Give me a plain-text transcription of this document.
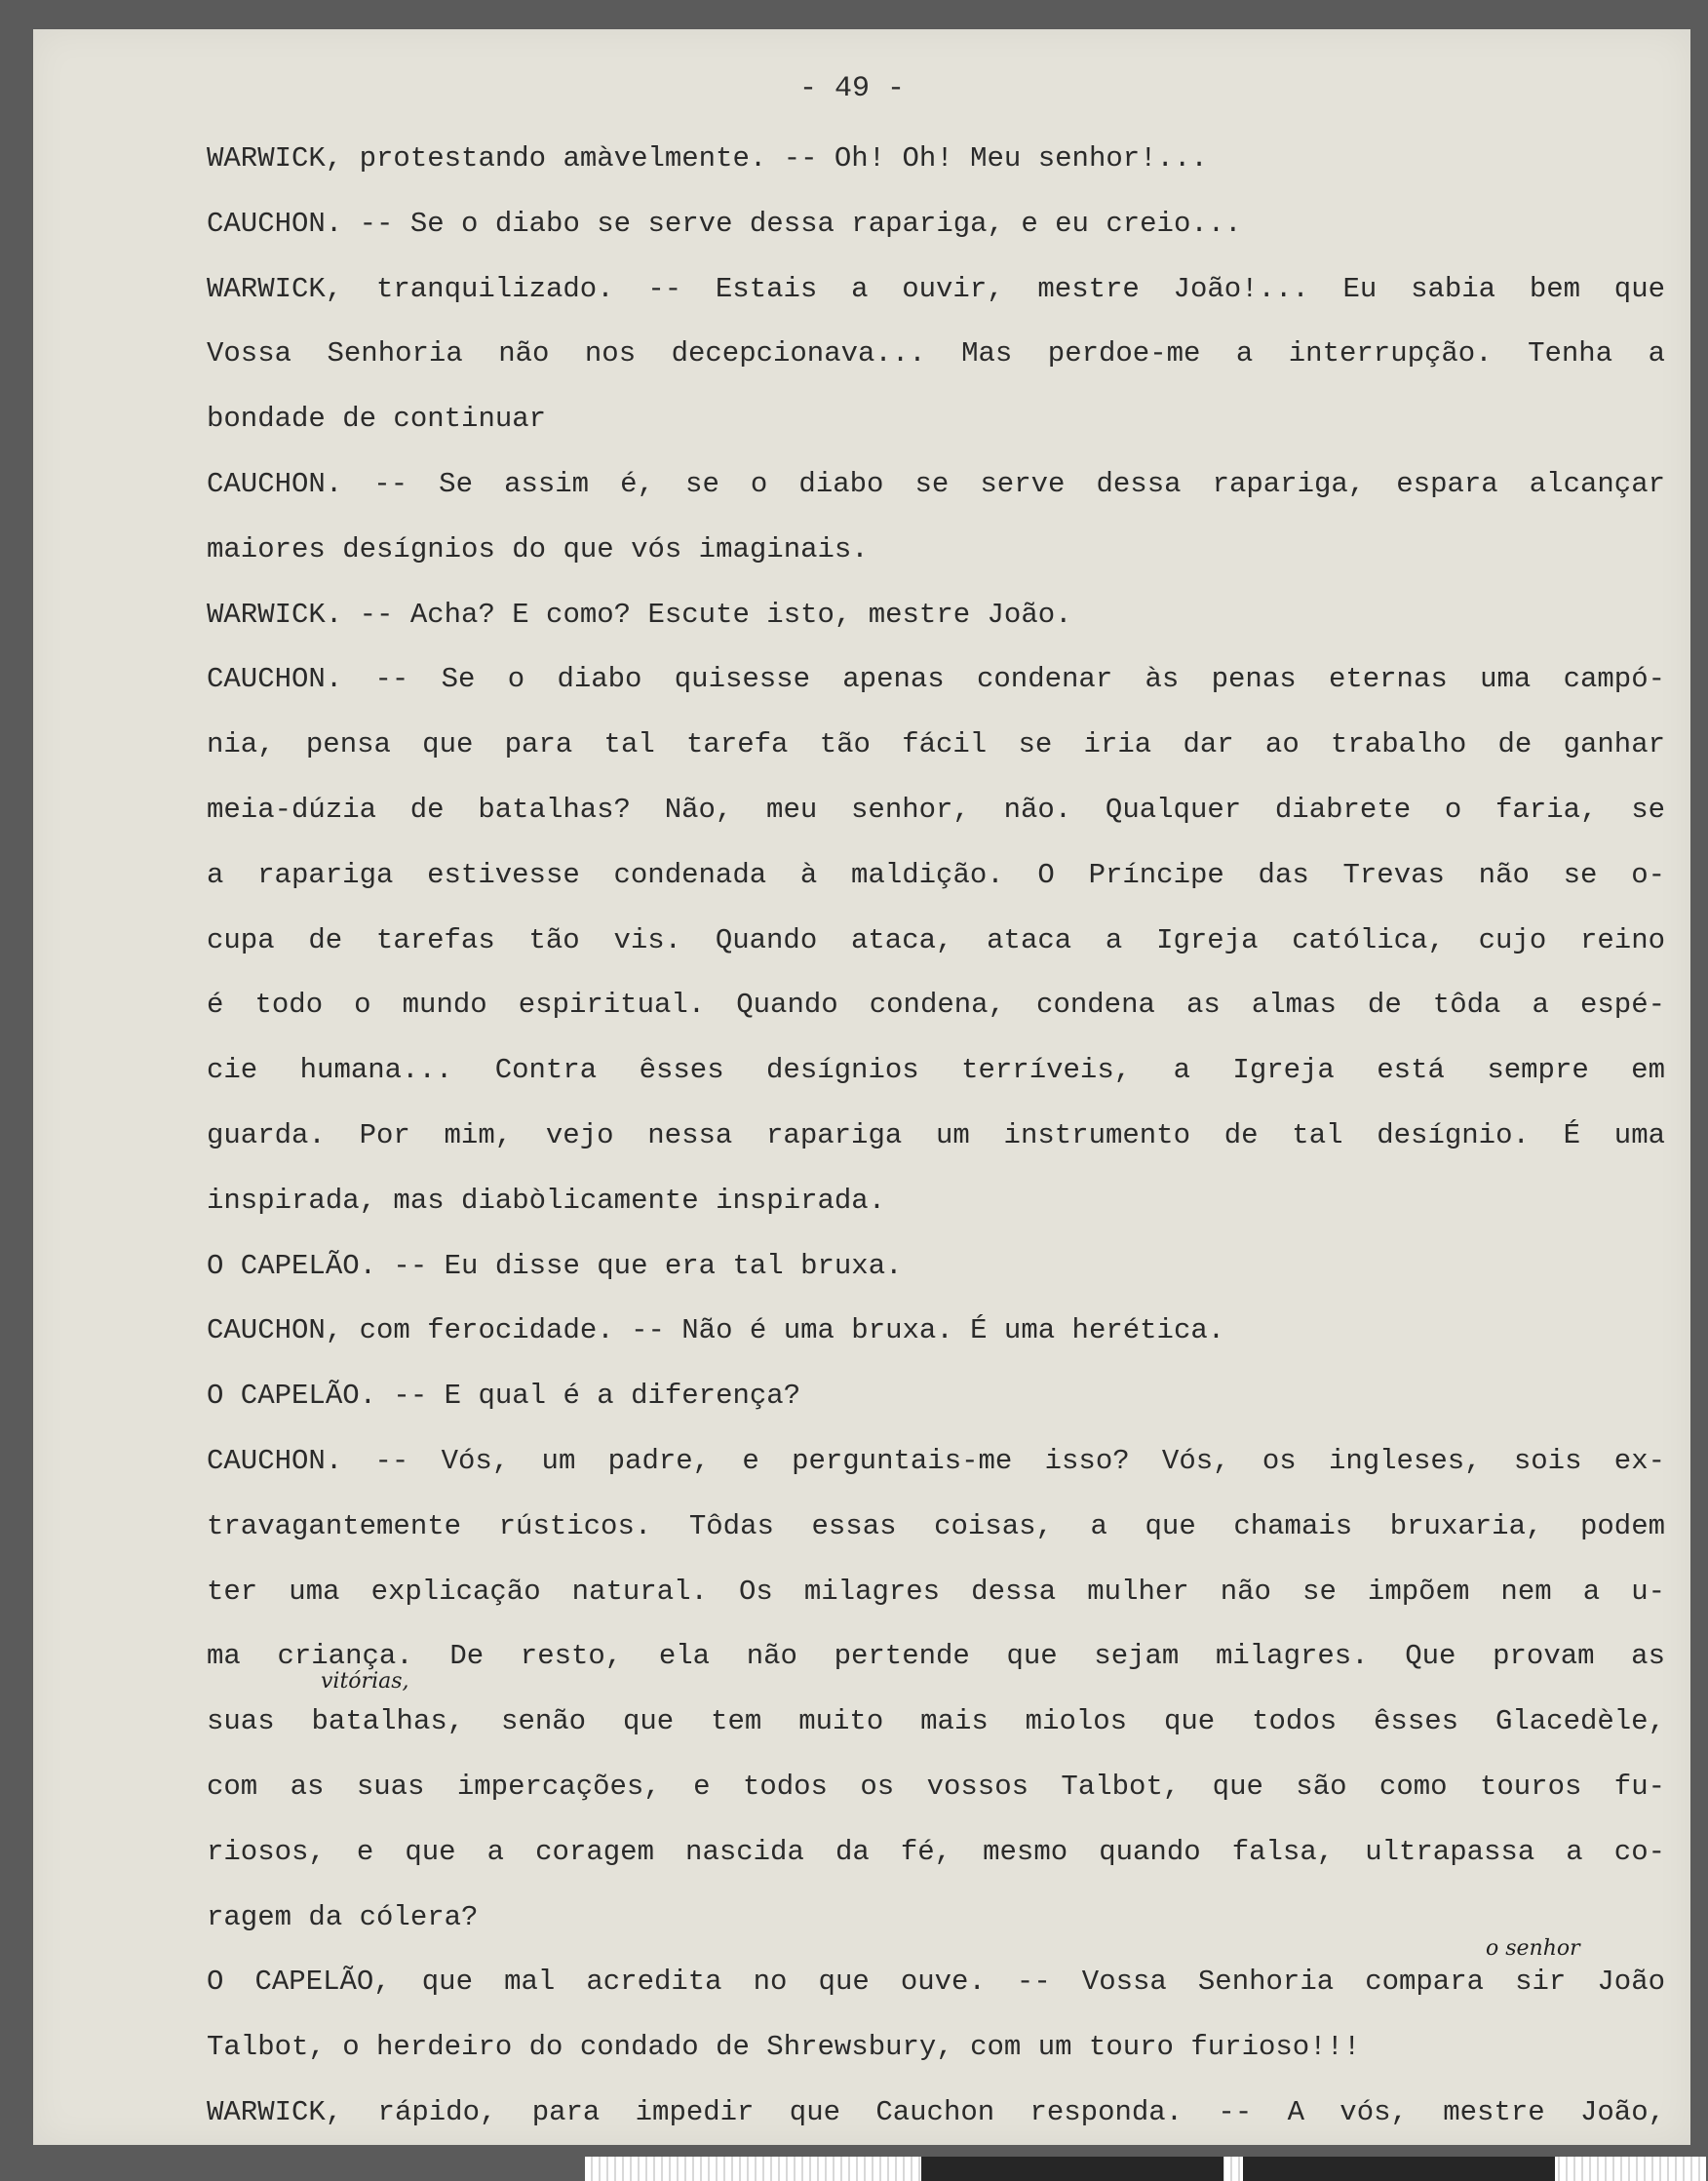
- 49 -
WARWICK, protestando amàvelmente. -- Oh! Oh! Meu senhor!...
CAUCHON. -- Se o diabo se serve dessa rapariga, e eu creio...
WARWICK, tranquilizado. -- Estais a ouvir, mestre João!... Eu sabia bem que
Vossa Senhoria não nos decepcionava... Mas perdoe-me a interrupção. Tenha a
bondade de continuar
CAUCHON. -- Se assim é, se o diabo se serve dessa rapariga, espara alcançar
maiores desígnios do que vós imaginais.
WARWICK. -- Acha? E como? Escute isto, mestre João.
CAUCHON. -- Se o diabo quisesse apenas condenar às penas eternas uma campó-
nia, pensa que para tal tarefa tão fácil se iria dar ao trabalho de ganhar
meia-dúzia de batalhas? Não, meu senhor, não. Qualquer diabrete o faria, se
a rapariga estivesse condenada à maldição. O Príncipe das Trevas não se o-
cupa de tarefas tão vis. Quando ataca, ataca a Igreja católica, cujo reino
é todo o mundo espiritual. Quando condena, condena as almas de tôda a espé-
cie humana... Contra êsses desígnios terríveis, a Igreja está sempre em
guarda. Por mim, vejo nessa rapariga um instrumento de tal desígnio. É uma
inspirada, mas diabòlicamente inspirada.
O CAPELÃO. -- Eu disse que era tal bruxa.
CAUCHON, com ferocidade. -- Não é uma bruxa. É uma herética.
O CAPELÃO. -- E qual é a diferença?
CAUCHON. -- Vós, um padre, e perguntais-me isso? Vós, os ingleses, sois ex-
travagantemente rústicos. Tôdas essas coisas, a que chamais bruxaria, podem
ter uma explicação natural. Os milagres dessa mulher não se impõem nem a u-
ma criança. De resto, ela não pertende que sejam milagres. Que provam as
suas batalhas, senão que tem muito mais miolos que todos êsses Glacedèle,
com as suas impercações, e todos os vossos Talbot, que são como touros fu-
riosos, e que a coragem nascida da fé, mesmo quando falsa, ultrapassa a co-
ragem da cólera?
O CAPELÃO, que mal acredita no que ouve. -- Vossa Senhoria compara sir João
Talbot, o herdeiro do condado de Shrewsbury, com um touro furioso!!!
WARWICK, rápido, para impedir que Cauchon responda. -- A vós, mestre João,
vitórias,
o senhor
